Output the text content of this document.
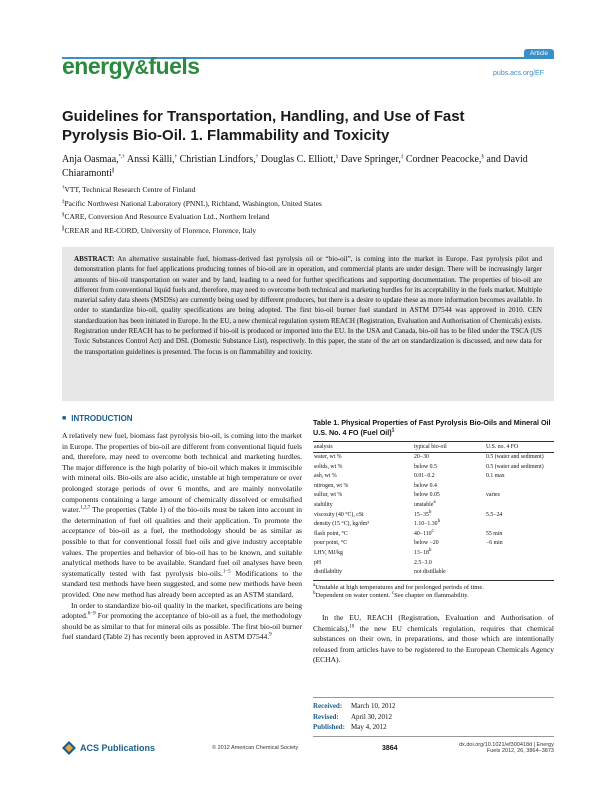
Article
energy&fuels	pubs.acs.org/EF
Guidelines for Transportation, Handling, and Use of Fast Pyrolysis Bio-Oil. 1. Flammability and Toxicity
Anja Oasmaa,*,† Anssi Källi,† Christian Lindfors,† Douglas C. Elliott,‡ Dave Springer,‡ Cordner Peacocke,§ and David Chiaramonti∥
†VTT, Technical Research Centre of Finland
‡Pacific Northwest National Laboratory (PNNL), Richland, Washington, United States
§CARE, Conversion And Resource Evaluation Ltd., Northern Ireland
∥CREAR and RE-CORD, University of Florence, Florence, Italy
ABSTRACT: An alternative sustainable fuel, biomass-derived fast pyrolysis oil or “bio-oil”, is coming into the market in Europe. Fast pyrolysis pilot and demonstration plants for fuel applications producing tonnes of bio-oil are in operation, and commercial plants are under design. There will be increasingly larger amounts of bio-oil transportation on water and by land, leading to a need for further specifications and supporting documentation. The properties of bio-oil are different from conventional liquid fuels and, therefore, may need to overcome both technical and marketing hurdles for its acceptability in the fuels market. Multiple material safety data sheets (MSDSs) are currently being used by different producers, but there is a desire to update these as more information becomes available. In order to standardize bio-oil, quality specifications are being adopted. The first bio-oil burner fuel standard in ASTM D7544 was approved in 2010. CEN standardization has been initiated in Europe. In the EU, a new chemical regulation system REACH (Registration, Evaluation and Authorisation of Chemicals) exists. Registration under REACH has to be performed if bio-oil is produced or imported into the EU. In the USA and Canada, bio-oil has to be filed under the TSCA (US Toxic Substances Control Act) and DSL (Domestic Substance List), respectively. In this paper, the state of the art on standardization is discussed, and new data for the transportation guidelines is presented. The focus is on flammability and toxicity.
■ INTRODUCTION

A relatively new fuel, biomass fast pyrolysis bio-oil, is coming into the market in Europe. The properties of bio-oil are different from conventional liquid fuels and, therefore, may need to overcome both technical and marketing hurdles. The major difference is the high polarity of bio-oil which makes it immiscible with mineral oils. Bio-oils are also acidic, unstable at high temperature or over prolonged storage periods of over 6 months, and are mainly nonvolatile components containing a large amount of chemically dissolved or emulsified water.$^{1,2,7}$ The properties (Table 1) of the bio-oils must be taken into account in the determination of fuel oil qualities and their application. To promote the acceptance of bio-oil as a fuel, the methodology should be as similar as possible to that for conventional fossil fuel oils and give industry acceptable values. The properties and behavior of bio-oil has to be known, and suitable analytical methods have to be available. Standard fuel oil analyses have been systematically tested with fast pyrolysis bio-oils.$^{1-5}$ Modifications to the standard test methods have been suggested, and some new methods have been provided. One new method has already been accepted as an ASTM standard.

In order to standardize bio-oil quality in the market, specifications are being adopted.$^{6-9}$ For promoting the acceptance of bio-oil as a fuel, the methodology should be as similar to that for mineral oils as possible. The first bio-oil burner fuel standard (Table 2) has recently been approved in ASTM D7544.$^9$

Table 1. Physical Properties of Fast Pyrolysis Bio-Oils and Mineral Oil U.S. No. 4 FO (Fuel Oil)$^1$
analysis	typical bio-oil	U.S. no. 4 FO
water, wt %	20−30	0.5 (water and sediment)
solids, wt %	below 0.5	0.5 (water and sediment)
ash, wt %	0.01−0.2	0.1 max
nitrogen, wt %	below 0.4	
sulfur, wt %	below 0.05	varies
stability	unstable$^a$	
viscosity (40 °C), cSt	$15-35^b$	5.5−24
density (15 °C), kg/dm³	1.10−1.30$^b$	
flash point, °C	$40-110^c$	55 min
pour point, °C	below −20	−6 min
LHV, MJ/kg	$13-18^b$	
pH	2.5−3.0	
distillability	not distillable	
$^a$Unstable at high temperatures and for prolonged periods of time.
$^b$Dependent on water content. $^c$See chapter on flammability.

In the EU, REACH (Registration, Evaluation and Authorisation of Chemicals),$^{10}$ the new EU chemicals regulation, requires that chemical substances on their own, in preparations, and those which are intentionally released from articles have to be registered to the European Chemicals Agency (ECHA).

Received:	March 10, 2012
Revised:	April 30, 2012
Published: May 4, 2012
ACS Publications	© 2012 American Chemical Society	3864	dx.doi.org/10.1021/ef300418d | Energy Fuels 2012, 26, 3864−3873
